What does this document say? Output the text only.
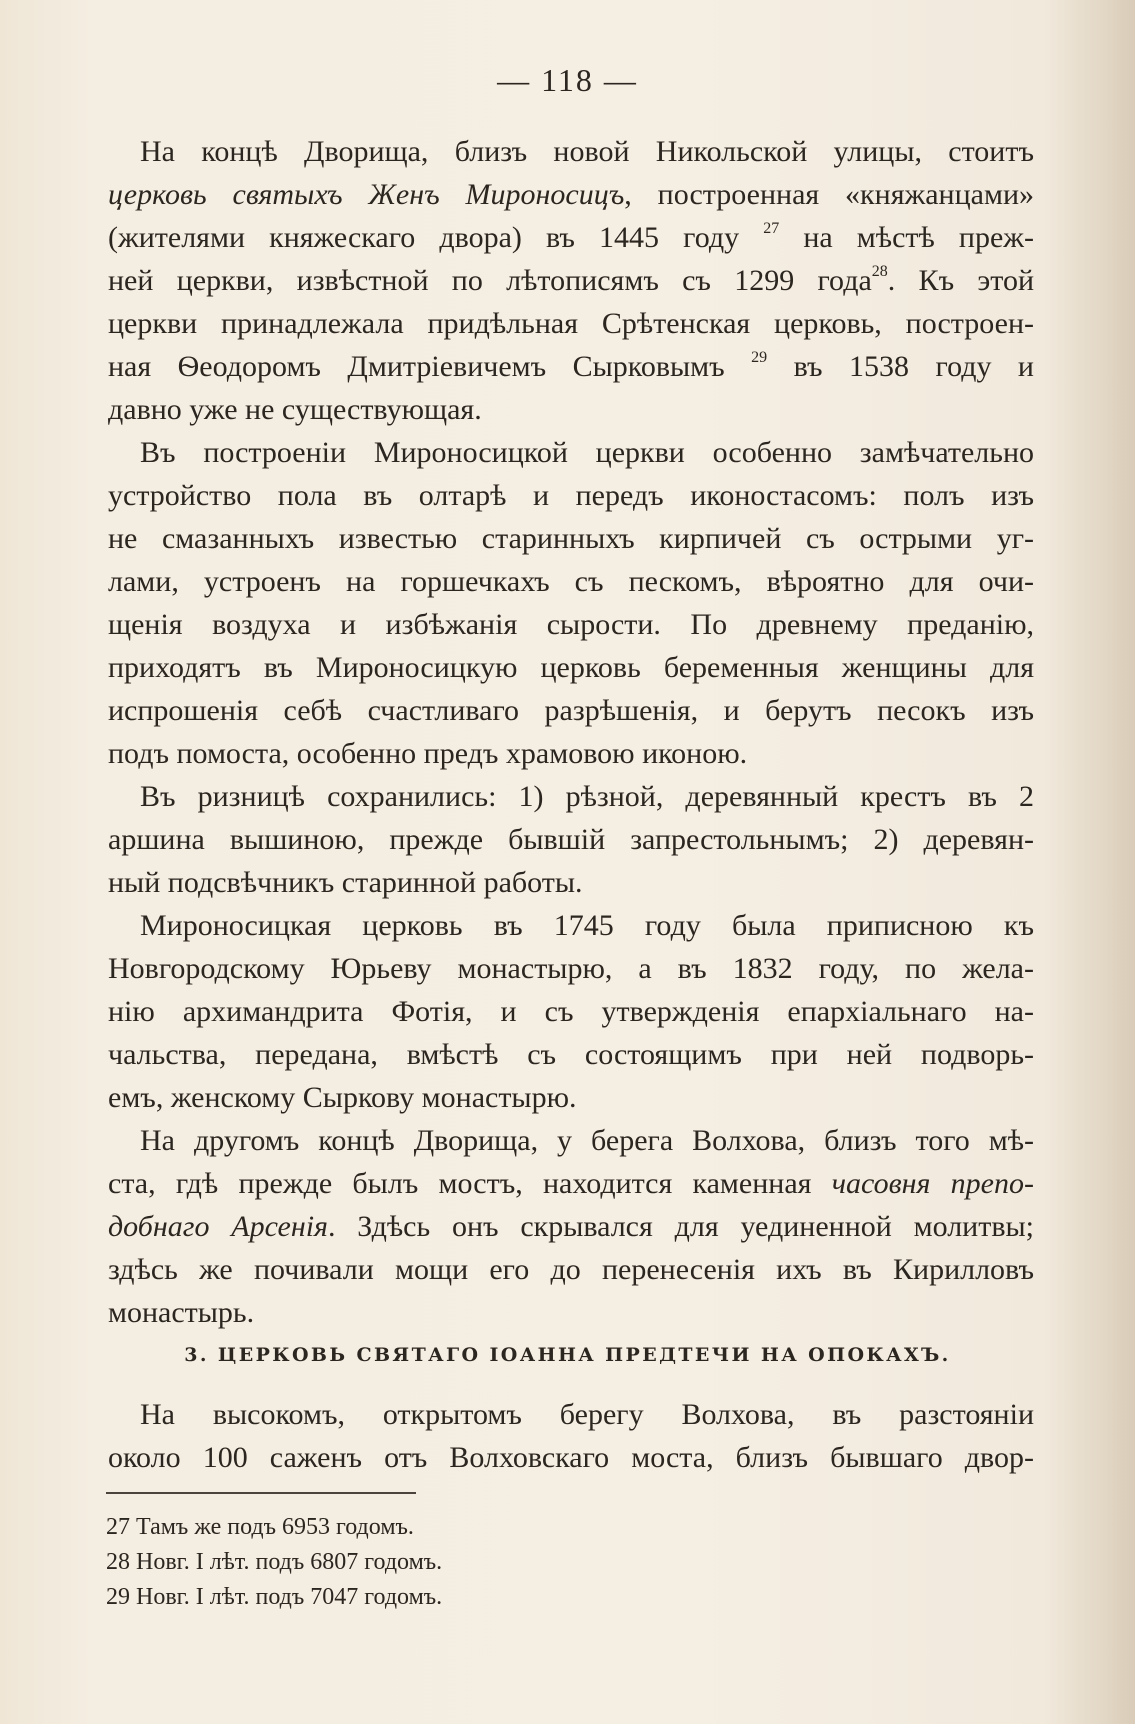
— 118 —
На концѣ Дворища, близъ новой Никольской улицы, стоитъ
церковь святыхъ Женъ Мироносицъ, построенная «княжанцами»
(жителями княжескаго двора) въ 1445 году $^{27}$ на мѣстѣ преж-
ней церкви, извѣстной по лѣтописямъ съ 1299 года$^{28}$. Къ этой
церкви принадлежала придѣльная Срѣтенская церковь, построен-
ная Ѳеодоромъ Дмитріевичемъ Сырковымъ $^{29}$ въ 1538 году и
давно уже не существующая.
Въ построеніи Мироносицкой церкви особенно замѣчательно
устройство пола въ олтарѣ и передъ иконостасомъ: полъ изъ
не смазанныхъ известью старинныхъ кирпичей съ острыми уг-
лами, устроенъ на горшечкахъ съ пескомъ, вѣроятно для очи-
щенія воздуха и избѣжанія сырости. По древнему преданію,
приходятъ въ Мироносицкую церковь беременныя женщины для
испрошенія себѣ счастливаго разрѣшенія, и берутъ песокъ изъ
подъ помоста, особенно предъ храмовою иконою.
Въ ризницѣ сохранились: 1) рѣзной, деревянный крестъ въ 2
аршина вышиною, прежде бывшій запрестольнымъ; 2) деревян-
ный подсвѣчникъ старинной работы.
Мироносицкая церковь въ 1745 году была приписною къ
Новгородскому Юрьеву монастырю, а въ 1832 году, по жела-
нію архимандрита Фотія, и съ утвержденія епархіальнаго на-
чальства, передана, вмѣстѣ съ состоящимъ при ней подворь-
емъ, женскому Сыркову монастырю.
На другомъ концѣ Дворища, у берега Волхова, близъ того мѣ-
ста, гдѣ прежде былъ мостъ, находится каменная часовня препо-
добнаго Арсенія. Здѣсь онъ скрывался для уединенной молитвы;
здѣсь же почивали мощи его до перенесенія ихъ въ Кирилловъ
монастырь.
3. ЦЕРКОВЬ СВЯТАГО ІОАННА ПРЕДТЕЧИ НА ОПОКАХЪ.
На высокомъ, открытомъ берегу Волхова, въ разстояніи
около 100 саженъ отъ Волховскаго моста, близъ бывшаго двор-
27 Тамъ же подъ 6953 годомъ.
28 Новг. I лѣт. подъ 6807 годомъ.
29 Новг. I лѣт. подъ 7047 годомъ.
